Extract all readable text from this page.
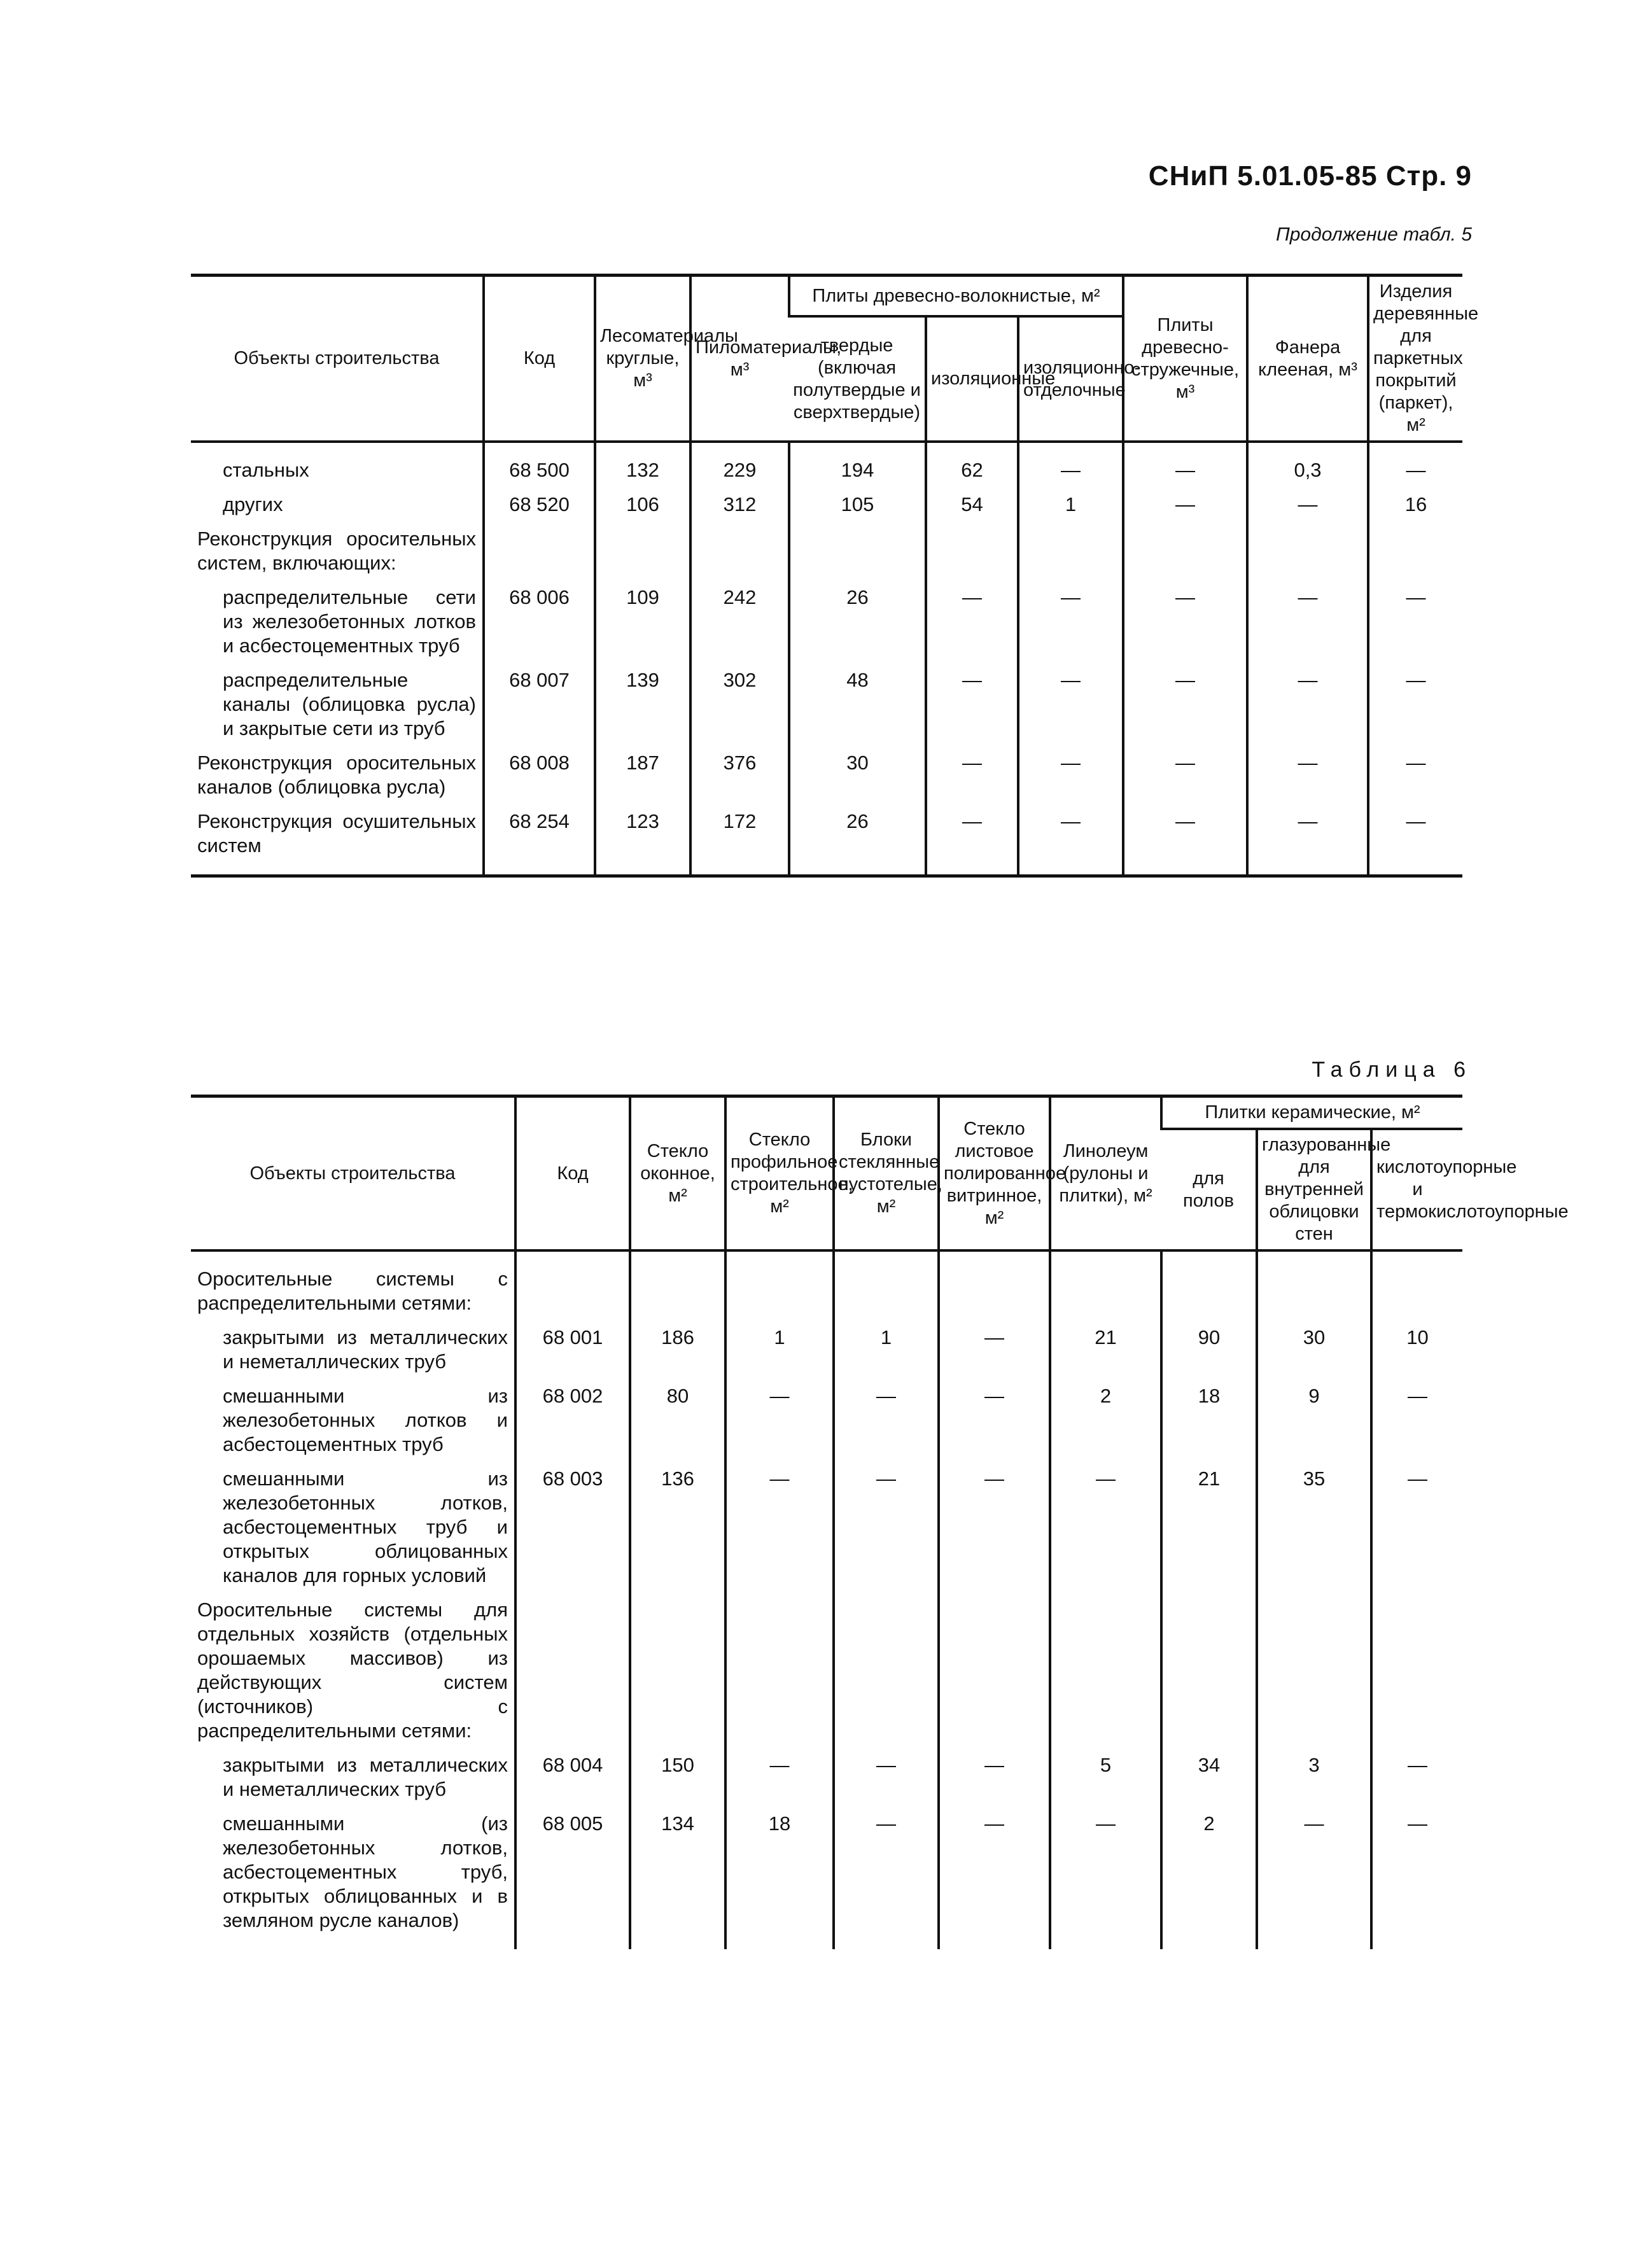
СНиП 5.01.05-85 Стр. 9
Продолжение табл. 5
Объекты строительства	Код	Лесоматериалы круглые, м³	Пиломатериалы, м³	Плиты древесно-волокнистые, м²			Плиты древесно-стружечные, м³	Фанера клееная, м³	Изделия деревянные для паркетных покрытий (паркет), м²
				твердые (включая полутвердые и сверхтвердые)	изоляционные	изоляционно-отделочные			
стальных	68 500	132	229	194	62	—	—	0,3	—
других	68 520	106	312	105	54	1	—	—	16
Реконструкция оросительных систем, включающих:									
распределительные сети из железобетонных лотков и асбестоцементных труб	68 006	109	242	26	—	—	—	—	—
распределительные каналы (облицовка русла) и закрытые сети из труб	68 007	139	302	48	—	—	—	—	—
Реконструкция оросительных каналов (облицовка русла)	68 008	187	376	30	—	—	—	—	—
Реконструкция осушительных систем	68 254	123	172	26	—	—	—	—	—
Таблица 6
Объекты строительства	Код	Стекло оконное, м²	Стекло профильное строительное, м²	Блоки стеклянные пустотелые, м²	Стекло листовое полированное витринное, м²	Линолеум (рулоны и плитки), м²	Плитки керамические, м²		
							для полов	глазурованные для внутренней облицовки стен	кислотоупорные и термокислотоупорные
Оросительные системы с распределительными сетями:									
закрытыми из металлических и неметаллических труб	68 001	186	1	1	—	21	90	30	10
смешанными из железобетонных лотков и асбестоцементных труб	68 002	80	—	—	—	2	18	9	—
смешанными из железобетонных лотков, асбестоцементных труб и открытых облицованных каналов для горных условий	68 003	136	—	—	—	—	21	35	—
Оросительные системы для отдельных хозяйств (отдельных орошаемых массивов) из действующих систем (источников) с распределительными сетями:									
закрытыми из металлических и неметаллических труб	68 004	150	—	—	—	5	34	3	—
смешанными (из железобетонных лотков, асбестоцементных труб, открытых облицованных и в земляном русле каналов)	68 005	134	18	—	—	—	2	—	—
